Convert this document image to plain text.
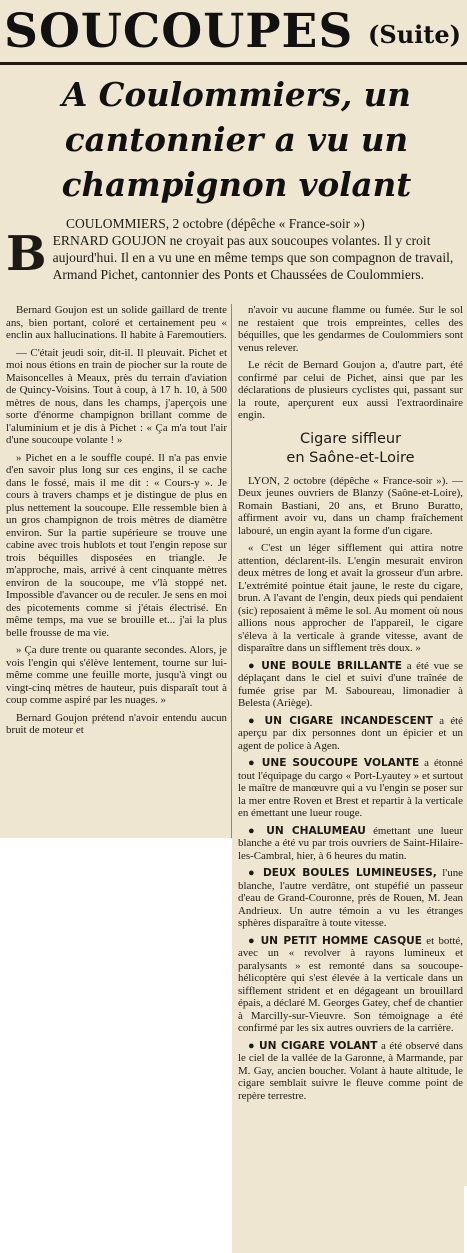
SOUCOUPES (Suite)
A Coulommiers, un
cantonnier a vu un
champignon volant
COULOMMIERS, 2 octobre (dépêche « France-soir »)
B ERNARD GOUJON ne croyait pas aux soucoupes volantes. Il y croit aujourd'hui. Il en a vu une en même temps que son compagnon de travail, Armand Pichet, cantonnier des Ponts et Chaussées de Coulommiers.

Bernard Goujon est un solide gaillard de trente ans, bien portant, coloré et certainement peu « enclin aux hallucinations. Il habite à Faremoutiers.

— C'était jeudi soir, dit-il. Il pleuvait. Pichet et moi nous étions en train de piocher sur la route de Maisoncelles à Meaux, près du terrain d'aviation de Quincy-Voisins. Tout à coup, à 17 h. 10, à 500 mètres de nous, dans les champs, j'aperçois une sorte d'énorme champignon brillant comme de l'aluminium et je dis à Pichet : « Ça m'a tout l'air d'une soucoupe volante ! »

» Pichet en a le souffle coupé. Il n'a pas envie d'en savoir plus long sur ces engins, il se cache dans le fossé, mais il me dit : « Cours-y ». Je cours à travers champs et je distingue de plus en plus nettement la soucoupe. Elle ressemble bien à un gros champignon de trois mètres de diamètre environ. Sur la partie supérieure se trouve une cabine avec trois hublots et tout l'engin repose sur trois béquilles disposées en triangle. Je m'approche, mais, arrivé à cent cinquante mètres environ de la soucoupe, me v'là stoppé net. Impossible d'avancer ou de reculer. Je sens en moi des picotements comme si j'étais électrisé. En même temps, ma vue se brouille et... j'ai la plus belle frousse de ma vie.

» Ça dure trente ou quarante secondes. Alors, je vois l'engin qui s'élève lentement, tourne sur lui-même comme une feuille morte, jusqu'à vingt ou vingt-cinq mètres de hauteur, puis disparaît tout à coup comme aspiré par les nuages. »

Bernard Goujon prétend n'avoir entendu aucun bruit de moteur et

n'avoir vu aucune flamme ou fumée. Sur le sol ne restaient que trois empreintes, celles des béquilles, que les gendarmes de Coulommiers sont venus relever.

Le récit de Bernard Goujon a, d'autre part, été confirmé par celui de Pichet, ainsi que par les déclarations de plusieurs cyclistes qui, passant sur la route, aperçurent eux aussi l'extraordinaire engin.

Cigare siffleur
en Saône-et-Loire

LYON, 2 octobre (dépêche « France-soir »). — Deux jeunes ouvriers de Blanzy (Saône-et-Loire), Romain Bastiani, 20 ans, et Bruno Buratto, affirment avoir vu, dans un champ fraîchement labouré, un engin ayant la forme d'un cigare.

« C'est un léger sifflement qui attira notre attention, déclarent-ils. L'engin mesurait environ deux mètres de long et avait la grosseur d'un arbre. L'extrémité pointue était jaune, le reste du cigare, brun. A l'avant de l'engin, deux pieds qui pendaient (sic) reposaient à même le sol. Au moment où nous allions nous approcher de l'appareil, le cigare s'éleva à la verticale à grande vitesse, avant de disparaître dans un sifflement très doux. »

● UNE BOULE BRILLANTE a été vue se déplaçant dans le ciel et suivi d'une traînée de fumée grise par M. Sabourea﻿u, limonadier à Belesta (Ariège).

● UN CIGARE INCANDESCENT a été aperçu par dix personnes dont un épicier et un agent de police à Agen.

● UNE SOUCOUPE VOLANTE a étonné tout l'équipage du cargo « Port-Lyautey » et surtout le maître de manœuvre qui a vu l'engin se poser sur la mer entre Roven et Brest et repartir à la verticale en émettant une lueur rouge.

● UN CHALUMEAU émettant une lueur blanche a été vu par trois ouvriers de Saint-Hilaire-les-Cambral, hier, à 6 heures du matin.

● DEUX BOULES LUMINEUSES, l'une blanche, l'autre verdâtre, ont stupéfié un passeur d'eau de Grand-Couronne, près de Rouen, M. Jean Andrieux. Un autre témoin a vu les étranges sphères disparaître à toute vitesse.

● UN PETIT HOMME CASQUE et botté, avec un « revolver à rayons lumineux et paralysants » est remonté dans sa soucoupe-hélicoptère qui s'est élevée à la verticale dans un sifflement strident et en dégageant un brouillard épais, a déclaré M. Georges Gatey, chef de chantier à Marcilly-sur-Vieuvre. Son témoignage a été confirmé par les six autres ouvriers de la carrière.

● UN CIGARE VOLANT a été observé dans le ciel de la vallée de la Garonne, à Marmande, par M. Gay, ancien boucher. Volant à haute altitude, le cigare semblait suivre le fleuve comme point de repère terrestre.
